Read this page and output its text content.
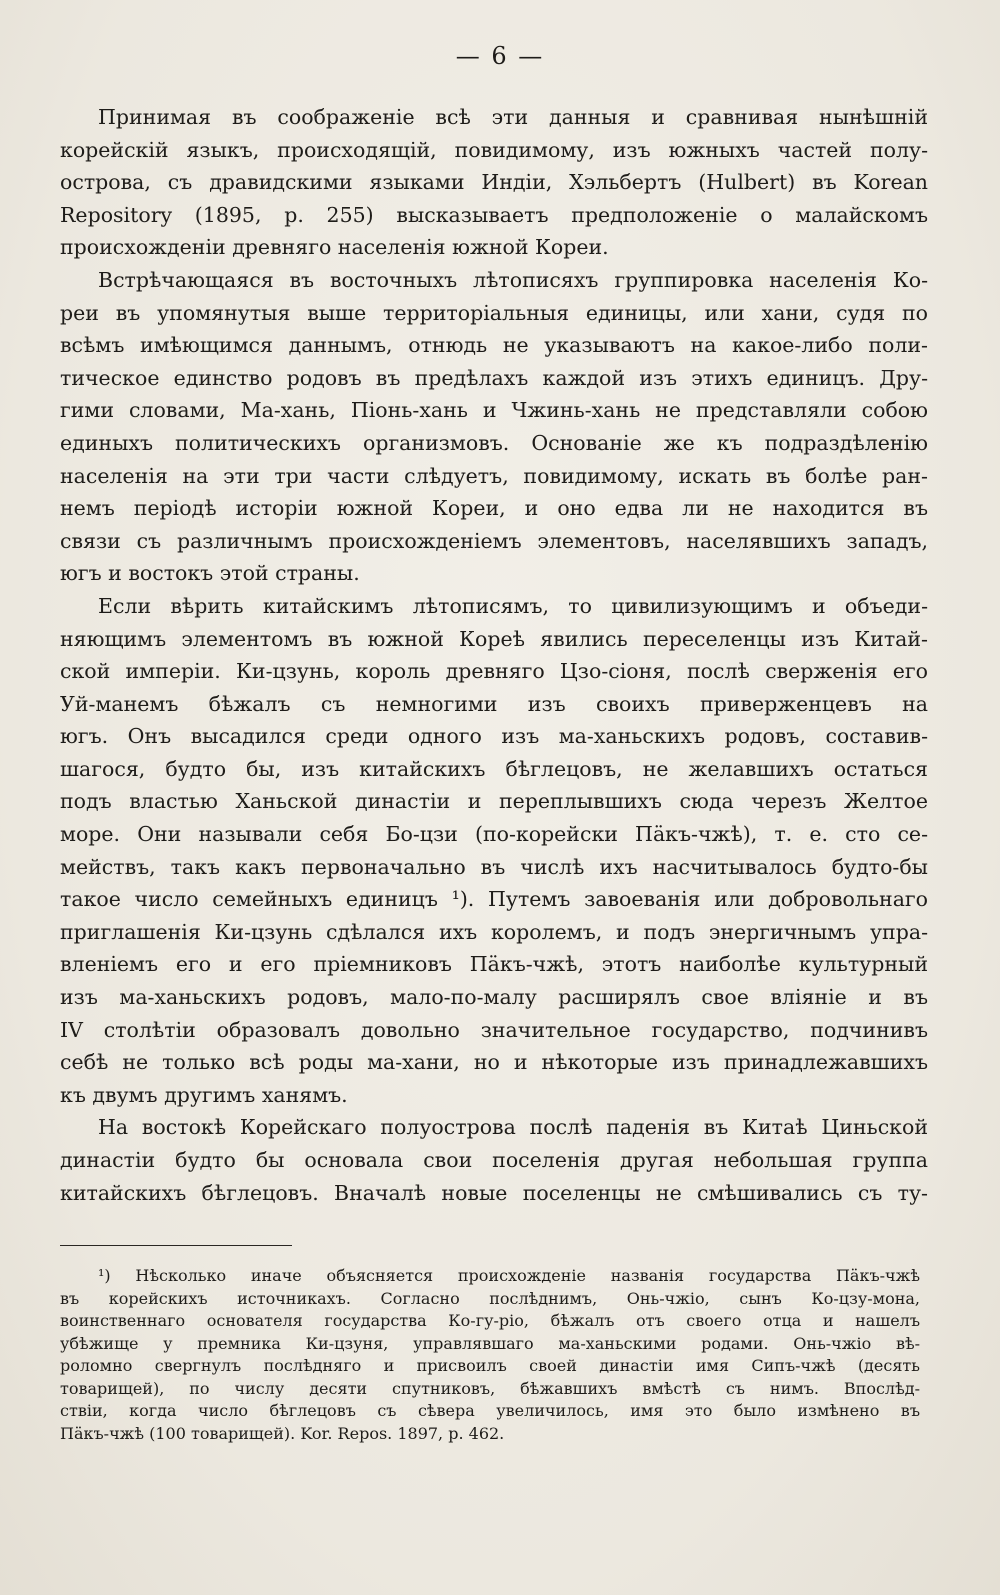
— 6 —

Принимая въ соображеніе всѣ эти данныя и сравнивая нынѣшній
корейскій языкъ, происходящій, повидимому, изъ южныхъ частей полу-
острова, съ дравидскими языками Индіи, Хэльбертъ (Hulbert) въ Korean
Repository (1895, p. 255) высказываетъ предположеніе о малайскомъ
происхожденіи древняго населенія южной Кореи.

Встрѣчающаяся въ восточныхъ лѣтописяхъ группировка населенія Ко-
реи въ упомянутыя выше территоріальныя единицы, или хани, судя по
всѣмъ имѣющимся даннымъ, отнюдь не указываютъ на какое-либо поли-
тическое единство родовъ въ предѣлахъ каждой изъ этихъ единицъ. Дру-
гими словами, Ма-хань, Піонь-хань и Чжинь-хань не представляли собою
единыхъ политическихъ организмовъ. Основаніе же къ подраздѣленію
населенія на эти три части слѣдуетъ, повидимому, искать въ болѣе ран-
немъ періодѣ исторіи южной Кореи, и оно едва ли не находится въ
связи съ различнымъ происхожденіемъ элементовъ, населявшихъ западъ,
югъ и востокъ этой страны.

Если вѣрить китайскимъ лѣтописямъ, то цивилизующимъ и объеди-
няющимъ элементомъ въ южной Кореѣ явились переселенцы изъ Китай-
ской имперіи. Ки-цзунь, король древняго Цзо-сіоня, послѣ сверженія его
Уй-манемъ бѣжалъ съ немногими изъ своихъ приверженцевъ на
югъ. Онъ высадился среди одного изъ ма-ханьскихъ родовъ, составив-
шагося, будто бы, изъ китайскихъ бѣглецовъ, не желавшихъ остаться
подъ властью Ханьской династіи и переплывшихъ сюда черезъ Желтое
море. Они называли себя Бо-цзи (по-корейски Пäкъ-чжѣ), т. е. сто се-
мействъ, такъ какъ первоначально въ числѣ ихъ насчитывалось будто-бы
такое число семейныхъ единицъ ¹). Путемъ завоеванія или добровольнаго
приглашенія Ки-цзунь сдѣлался ихъ королемъ, и подъ энергичнымъ упра-
вленіемъ его и его пріемниковъ Пäкъ-чжѣ, этотъ наиболѣе культурный
изъ ма-ханьскихъ родовъ, мало-по-малу расширялъ свое вліяніе и въ
IV столѣтіи образовалъ довольно значительное государство, подчинивъ
себѣ не только всѣ роды ма-хани, но и нѣкоторые изъ принадлежавшихъ
къ двумъ другимъ ханямъ.

На востокѣ Корейскаго полуострова послѣ паденія въ Китаѣ Циньской
династіи будто бы основала свои поселенія другая небольшая группа
китайскихъ бѣглецовъ. Вначалѣ новые поселенцы не смѣшивались съ ту-

¹) Нѣсколько иначе объясняется происхожденіе названія государства Пäкъ-чжѣ
въ корейскихъ источникахъ. Согласно послѣднимъ, Онь-чжіо, сынъ Ко-цзу-мона,
воинственнаго основателя государства Ко-гу-ріо, бѣжалъ отъ своего отца и нашелъ
убѣжище у премника Ки-цзуня, управлявшаго ма-ханьскими родами. Онь-чжіо вѣ-
роломно свергнулъ послѣдняго и присвоилъ своей династіи имя Сипъ-чжѣ (десять
товарищей), по числу десяти спутниковъ, бѣжавшихъ вмѣстѣ съ нимъ. Впослѣд-
ствіи, когда число бѣглецовъ съ сѣвера увеличилось, имя это было измѣнено въ
Пäкъ-чжѣ (100 товарищей). Kor. Repos. 1897, p. 462.
